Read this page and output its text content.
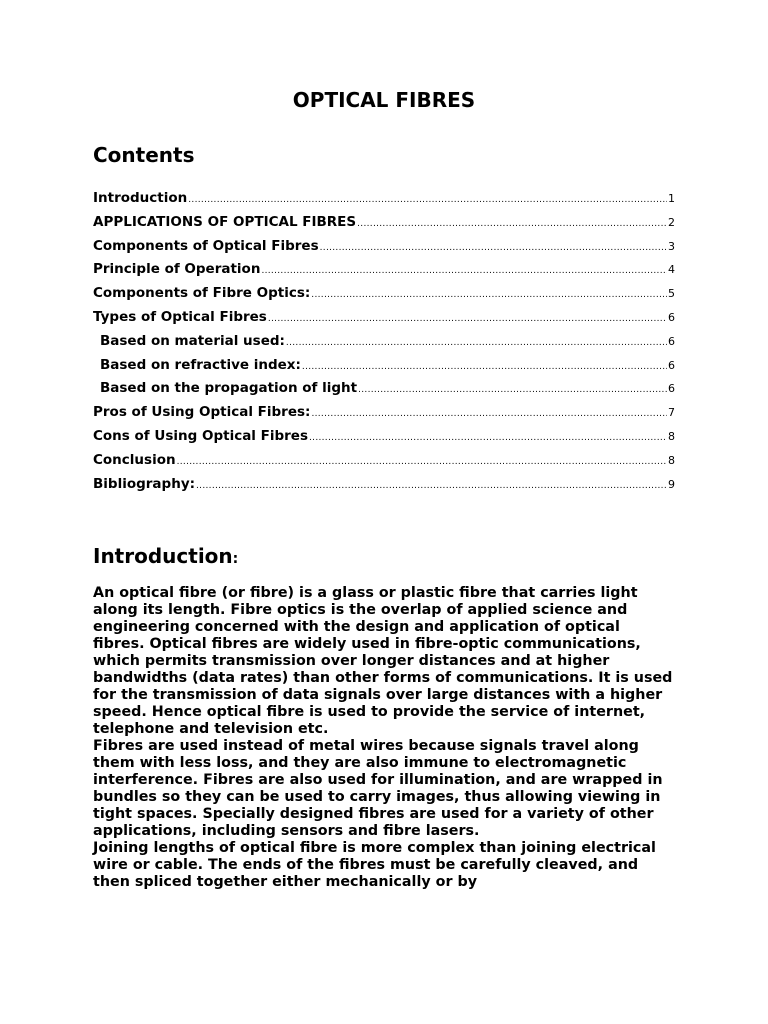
OPTICAL FIBRES
Contents
Introduction .....	1
APPLICATIONS OF OPTICAL FIBRES .....	2
Components of Optical Fibres .....	3
Principle of Operation .....	4
Components of Fibre Optics: .....	5
Types of Optical Fibres .....	6
Based on material used: .....	6
Based on refractive index: .....	6
Based on the propagation of light .....	6
Pros of Using Optical Fibres: .....	7
Cons of Using Optical Fibres .....	8
Conclusion .....	8
Bibliography: .....	9
Introduction:

An optical fibre (or fibre) is a glass or plastic fibre that carries light along its length. Fibre optics is the overlap of applied science and engineering concerned with the design and application of optical fibres. Optical fibres are widely used in fibre-optic communications, which permits transmission over longer distances and at higher bandwidths (data rates) than other forms of communications. It is used for the transmission of data signals over large distances with a higher speed. Hence optical fibre is used to provide the service of internet, telephone and television etc.

Fibres are used instead of metal wires because signals travel along them with less loss, and they are also immune to electromagnetic interference. Fibres are also used for illumination, and are wrapped in bundles so they can be used to carry images, thus allowing viewing in tight spaces. Specially designed fibres are used for a variety of other applications, including sensors and fibre lasers.

Joining lengths of optical fibre is more complex than joining electrical wire or cable. The ends of the fibres must be carefully cleaved, and then spliced together either mechanically or by
